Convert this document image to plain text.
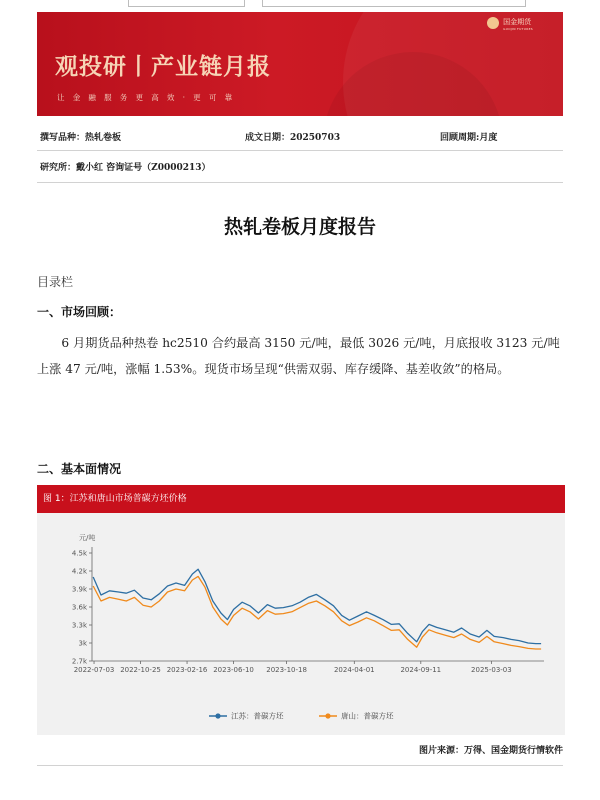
观投研丨产业链月报
让金融服务更高效·更可靠
国金期货
GUOJIN FUTURES
撰写品种：热轧卷板	成文日期：20250703	回顾周期:月度
研究所：戴小红 咨询证号（Z0000213）
热轧卷板月度报告
目录栏
一、市场回顾：
6 月期货品种热卷 hc2510 合约最高 3150 元/吨，最低 3026 元/吨，月底报收 3123 元/吨上涨 47 元/吨，涨幅 1.53%。现货市场呈现“供需双弱、库存缓降、基差收敛”的格局。
二、基本面情况
图 1：江苏和唐山市场普碳方坯价格
元/吨
2.7k
3k
3.3k
3.6k
3.9k
4.2k
4.5k
2022-07-03 2022-10-25 2023-02-16 2023-06-10 2023-10-18	2024-04-01	2024-09-11	2025-03-03
江苏：普碳方坯	唐山：普碳方坯
图片来源：万得、国金期货行情软件
